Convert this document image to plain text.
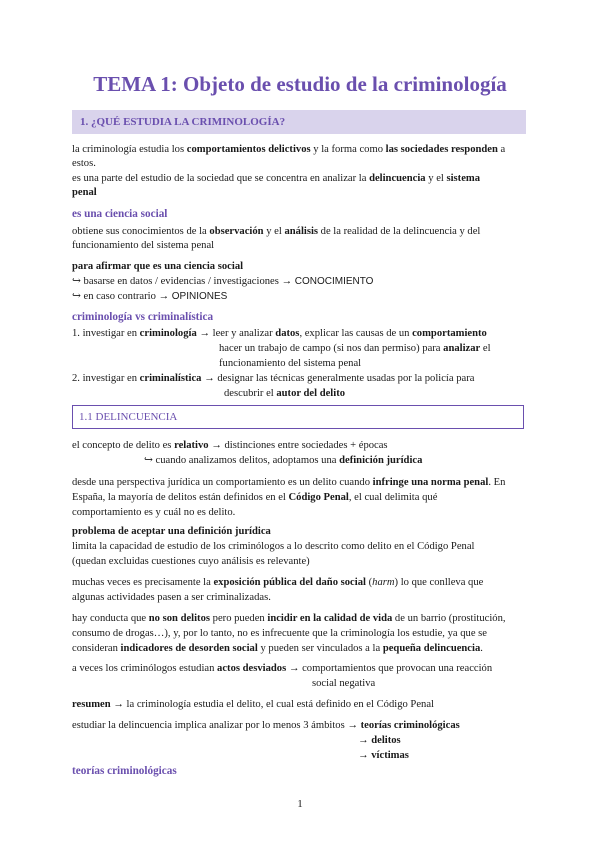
TEMA 1: Objeto de estudio de la criminología
1. ¿QUÉ ESTUDIA LA CRIMINOLOGÍA?
la criminología estudia los comportamientos delictivos y la forma como las sociedades responden a
estos.
es una parte del estudio de la sociedad que se concentra en analizar la delincuencia y el sistema
penal
es una ciencia social
obtiene sus conocimientos de la observación y el análisis de la realidad de la delincuencia y del
funcionamiento del sistema penal
para afirmar que es una ciencia social
↪ basarse en datos / evidencias / investigaciones → CONOCIMIENTO
↪ en caso contrario → OPINIONES
criminología vs criminalística
1. investigar en criminología → leer y analizar datos, explicar las causas de un comportamiento
hacer un trabajo de campo (si nos dan permiso) para analizar el
funcionamiento del sistema penal
2. investigar en criminalística → designar las técnicas generalmente usadas por la policía para
descubrir el autor del delito
1.1 DELINCUENCIA
el concepto de delito es relativo → distinciones entre sociedades + épocas
↪ cuando analizamos delitos, adoptamos una definición jurídica
desde una perspectiva jurídica un comportamiento es un delito cuando infringe una norma penal. En
España, la mayoría de delitos están definidos en el Código Penal, el cual delimita qué
comportamiento es y cuál no es delito.
problema de aceptar una definición jurídica
limita la capacidad de estudio de los criminólogos a lo descrito como delito en el Código Penal
(quedan excluidas cuestiones cuyo análisis es relevante)
muchas veces es precisamente la exposición pública del daño social (harm) lo que conlleva que
algunas actividades pasen a ser criminalizadas.
hay conducta que no son delitos pero pueden incidir en la calidad de vida de un barrio (prostitución,
consumo de drogas…), y, por lo tanto, no es infrecuente que la criminología los estudie, ya que se
consideran indicadores de desorden social y pueden ser vinculados a la pequeña delincuencia.
a veces los criminólogos estudian actos desviados → comportamientos que provocan una reacción
social negativa
resumen → la criminología estudia el delito, el cual está definido en el Código Penal
estudiar la delincuencia implica analizar por lo menos 3 ámbitos → teorías criminológicas
→ delitos
→ víctimas
teorías criminológicas
1
